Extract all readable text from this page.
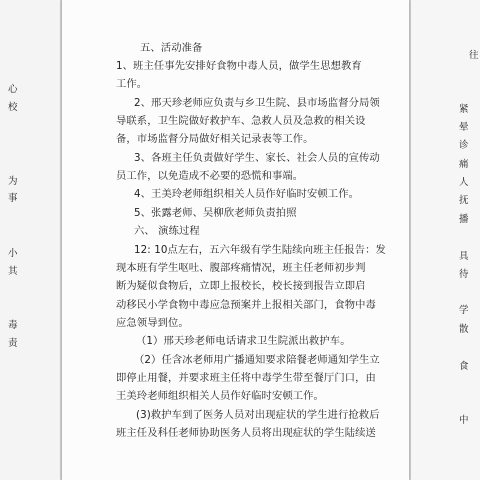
心
校
为
事
小
其
毒
责
五、活动准备
1、班主任事先安排好食物中毒人员，做学生思想教育
工作。
2、邢天珍老师应负责与乡卫生院、县市场监督分局领
导联系，卫生院做好救护车、急救人员及急救的相关设
备，市场监督分局做好相关记录表等工作。
3、各班主任负责做好学生、家长、社会人员的宣传动
员工作，以免造成不必要的恐慌和事端。
4、王美玲老师组织相关人员作好临时安顿工作。
5、张露老师、吴柳欣老师负责拍照
六、 演练过程
12: 10点左右，五六年级有学生陆续向班主任报告：发
现本班有学生呕吐、腹部疼痛情况，班主任老师初步判
断为疑似食物后，立即上报校长，校长接到报告立即启
动移民小学食物中毒应急预案并上报相关部门，食物中毒
应急领导到位。
（1）邢天珍老师电话请求卫生院派出救护车。
（2）任含冰老师用广播通知要求陪餐老师通知学生立
即停止用餐，并要求班主任将中毒学生带至餐厅门口，由
王美玲老师组织相关人员作好临时安顿工作。
(3)救护车到了医务人员对出现症状的学生进行抢救后
班主任及科任老师协助医务人员将出现症状的学生陆续送
往
紧
晕
诊
痛
人
抚
播
具
待
学
散
食
中
